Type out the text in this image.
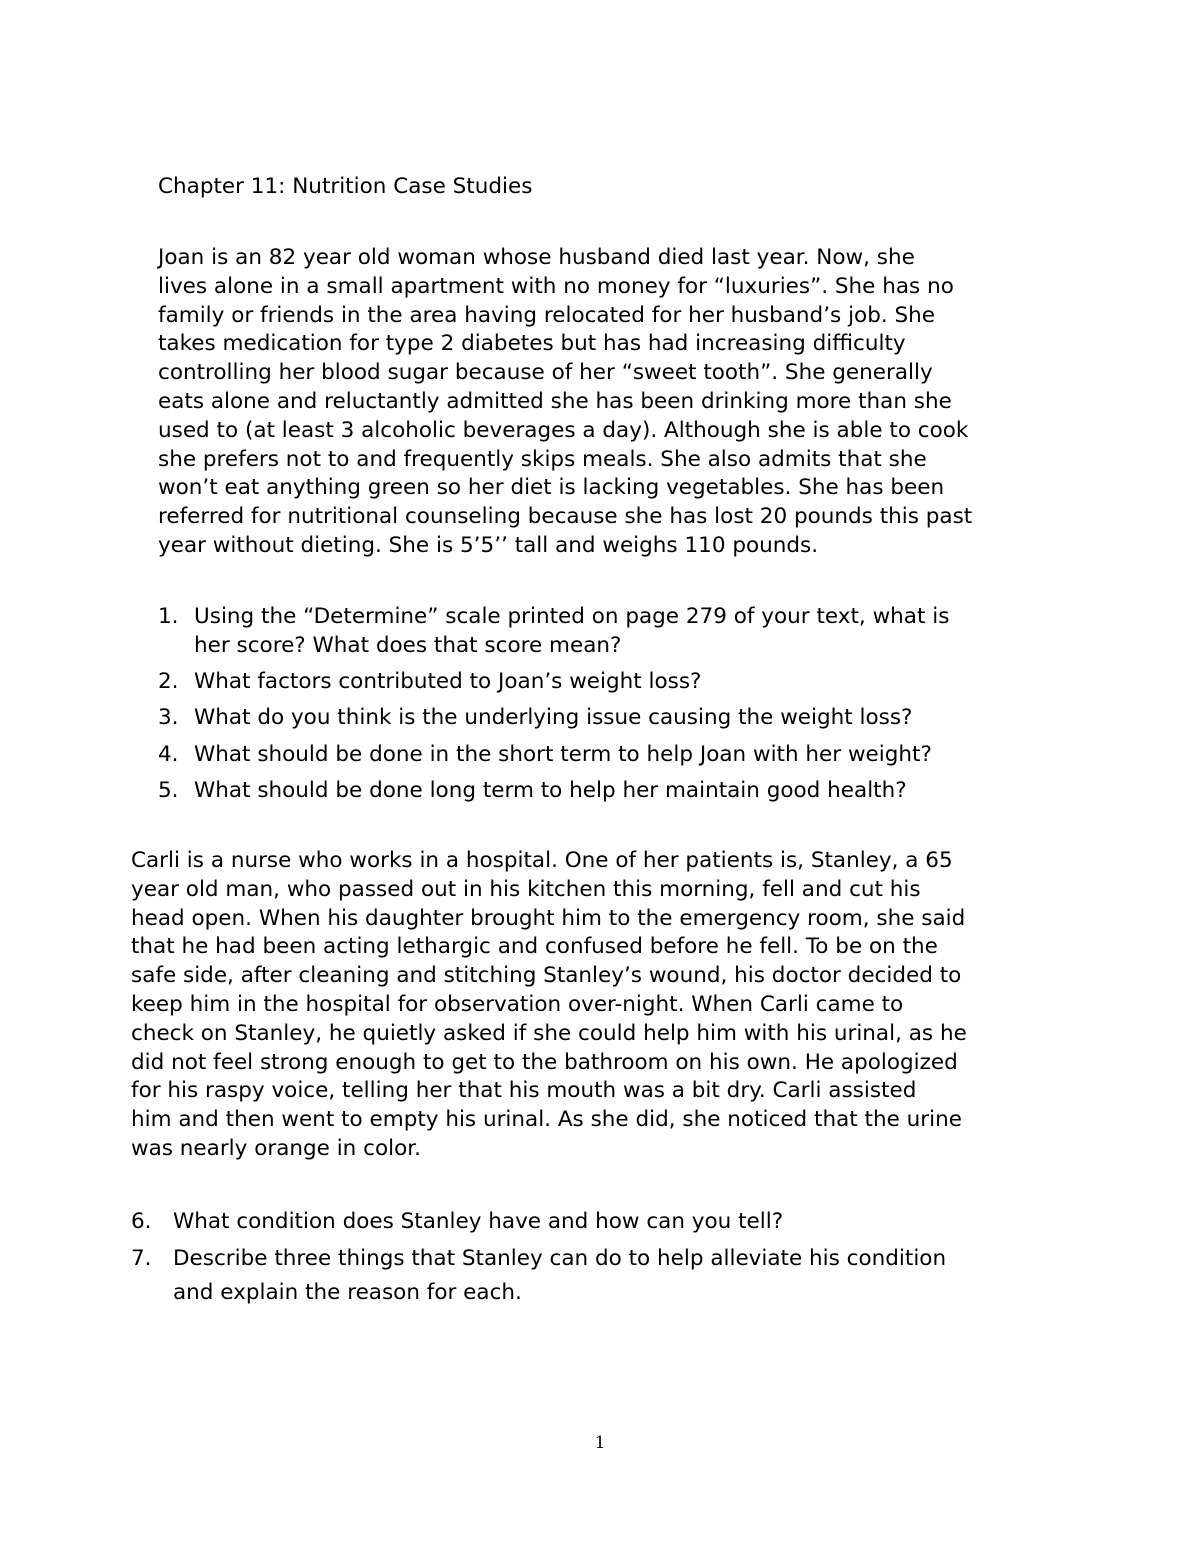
Chapter 11: Nutrition Case Studies
Joan is an 82 year old woman whose husband died last year. Now, she
lives alone in a small apartment with no money for “luxuries”. She has no
family or friends in the area having relocated for her husband’s job. She
takes medication for type 2 diabetes but has had increasing difficulty
controlling her blood sugar because of her “sweet tooth”. She generally
eats alone and reluctantly admitted she has been drinking more than she
used to (at least 3 alcoholic beverages a day). Although she is able to cook
she prefers not to and frequently skips meals. She also admits that she
won’t eat anything green so her diet is lacking vegetables. She has been
referred for nutritional counseling because she has lost 20 pounds this past
year without dieting. She is 5’5’’ tall and weighs 110 pounds.
1. Using the “Determine” scale printed on page 279 of your text, what is
her score? What does that score mean?
2. What factors contributed to Joan’s weight loss?
3. What do you think is the underlying issue causing the weight loss?
4. What should be done in the short term to help Joan with her weight?
5. What should be done long term to help her maintain good health?
Carli is a nurse who works in a hospital. One of her patients is, Stanley, a 65
year old man, who passed out in his kitchen this morning, fell and cut his
head open. When his daughter brought him to the emergency room, she said
that he had been acting lethargic and confused before he fell. To be on the
safe side, after cleaning and stitching Stanley’s wound, his doctor decided to
keep him in the hospital for observation over-night. When Carli came to
check on Stanley, he quietly asked if she could help him with his urinal, as he
did not feel strong enough to get to the bathroom on his own. He apologized
for his raspy voice, telling her that his mouth was a bit dry. Carli assisted
him and then went to empty his urinal. As she did, she noticed that the urine
was nearly orange in color.
6. What condition does Stanley have and how can you tell?
7. Describe three things that Stanley can do to help alleviate his condition
and explain the reason for each.
1
